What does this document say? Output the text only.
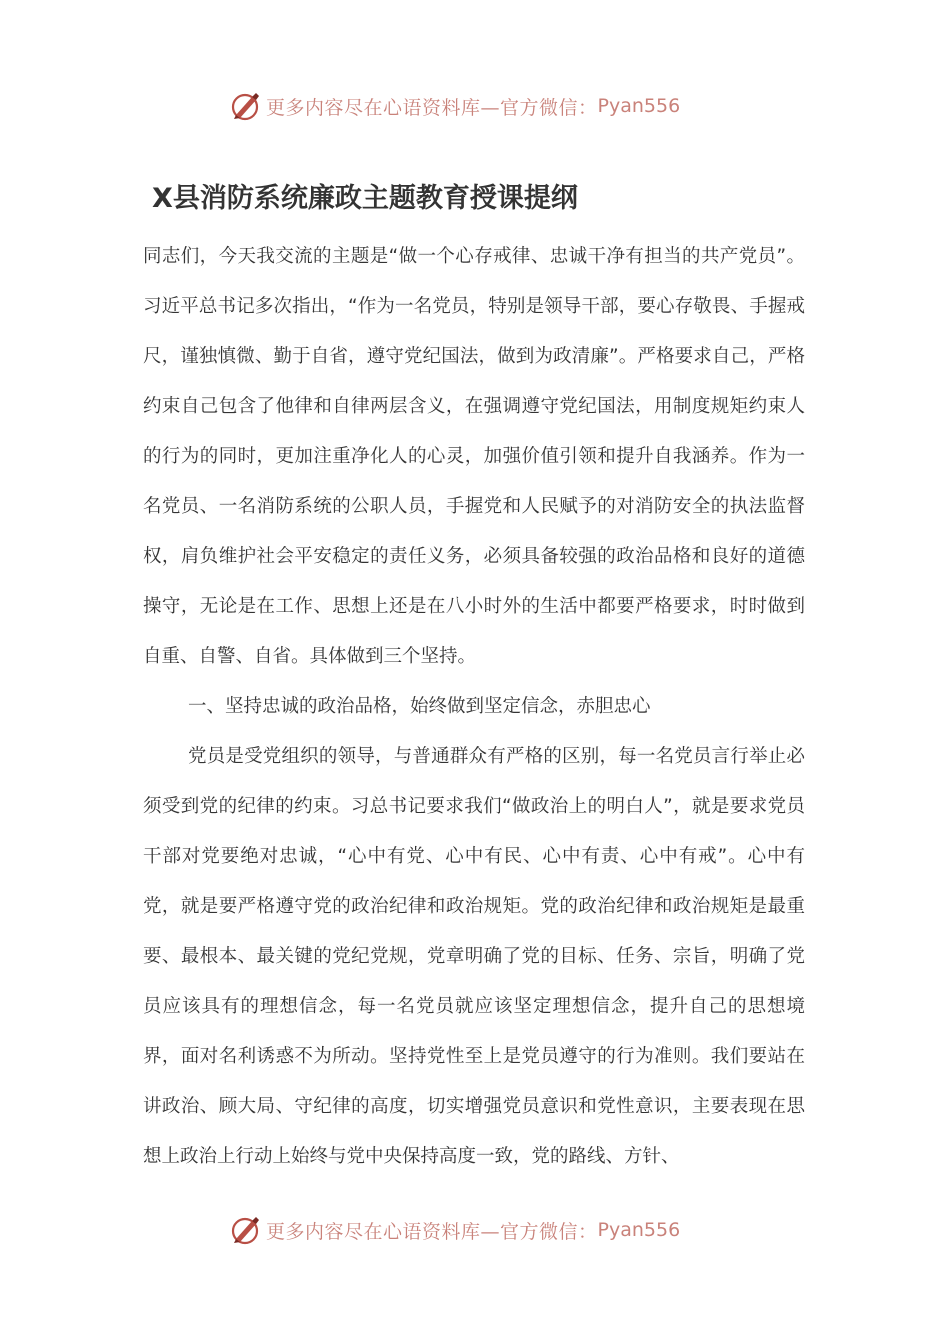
更多内容尽在心语资料库—官方微信： Pyan556
X县消防系统廉政主题教育授课提纲

同志们，今天我交流的主题是“做一个心存戒律、忠诚干净有担当的共产党员”。习近平总书记多次指出，“作为一名党员，特别是领导干部，要心存敬畏、手握戒尺，谨独慎微、勤于自省，遵守党纪国法，做到为政清廉”。严格要求自己，严格约束自己包含了他律和自律两层含义，在强调遵守党纪国法，用制度规矩约束人的行为的同时，更加注重净化人的心灵，加强价值引领和提升自我涵养。作为一名党员、一名消防系统的公职人员，手握党和人民赋予的对消防安全的执法监督权，肩负维护社会平安稳定的责任义务，必须具备较强的政治品格和良好的道德操守，无论是在工作、思想上还是在八小时外的生活中都要严格要求，时时做到自重、自警、自省。具体做到三个坚持。

一、坚持忠诚的政治品格，始终做到坚定信念，赤胆忠心

党员是受党组织的领导，与普通群众有严格的区别，每一名党员言行举止必须受到党的纪律的约束。习总书记要求我们“做政治上的明白人”，就是要求党员干部对党要绝对忠诚，“心中有党、心中有民、心中有责、心中有戒”。心中有党，就是要严格遵守党的政治纪律和政治规矩。党的政治纪律和政治规矩是最重要、最根本、最关键的党纪党规，党章明确了党的目标、任务、宗旨，明确了党员应该具有的理想信念，每一名党员就应该坚定理想信念，提升自己的思想境界，面对名利诱惑不为所动。坚持党性至上是党员遵守的行为准则。我们要站在讲政治、顾大局、守纪律的高度，切实增强党员意识和党性意识，主要表现在思想上政治上行动上始终与党中央保持高度一致，党的路线、方针、

更多内容尽在心语资料库—官方微信： Pyan556
